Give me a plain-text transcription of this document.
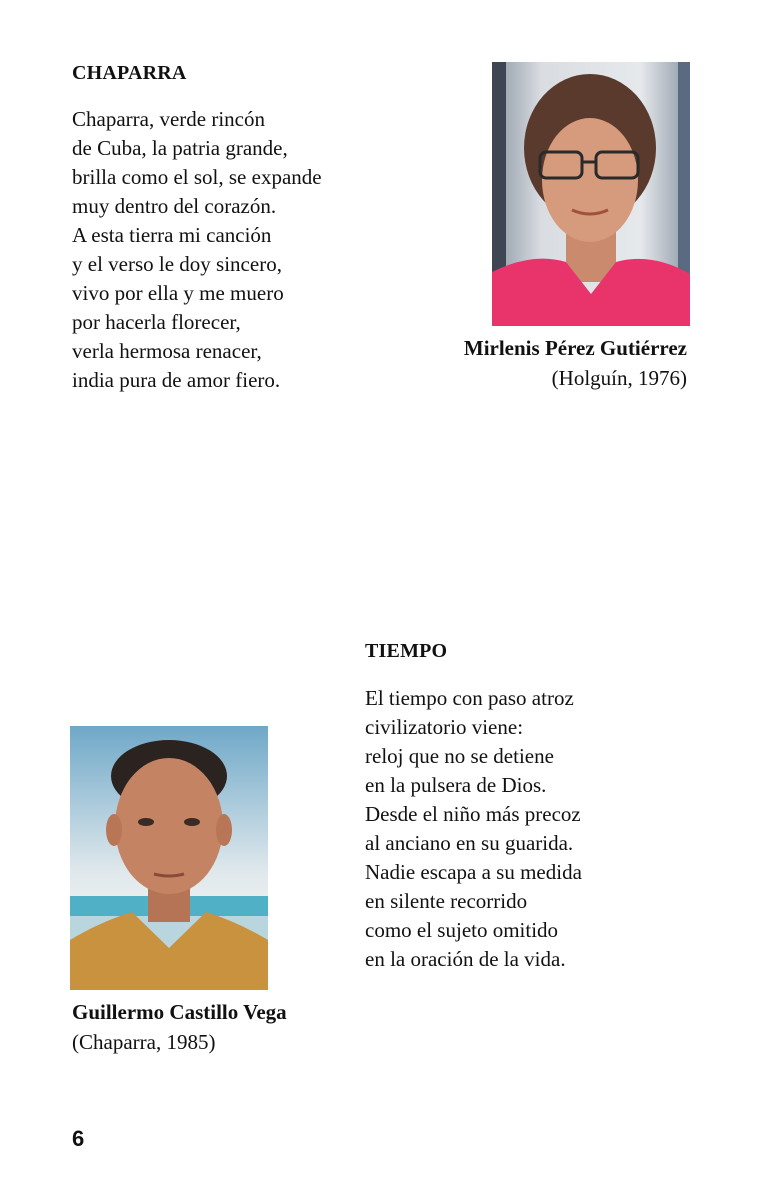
CHAPARRA
Chaparra, verde rincón
de Cuba, la patria grande,
brilla como el sol, se expande
muy dentro del corazón.
A esta tierra mi canción
y el verso le doy sincero,
vivo por ella y me muero
por hacerla florecer,
verla hermosa renacer,
india pura de amor fiero.
Mirlenis Pérez Gutiérrez
(Holguín, 1976)
TIEMPO
El tiempo con paso atroz
civilizatorio viene:
reloj que no se detiene
en la pulsera de Dios.
Desde el niño más precoz
al anciano en su guarida.
Nadie escapa a su medida
en silente recorrido
como el sujeto omitido
en la oración de la vida.
Guillermo Castillo Vega
(Chaparra, 1985)
6
